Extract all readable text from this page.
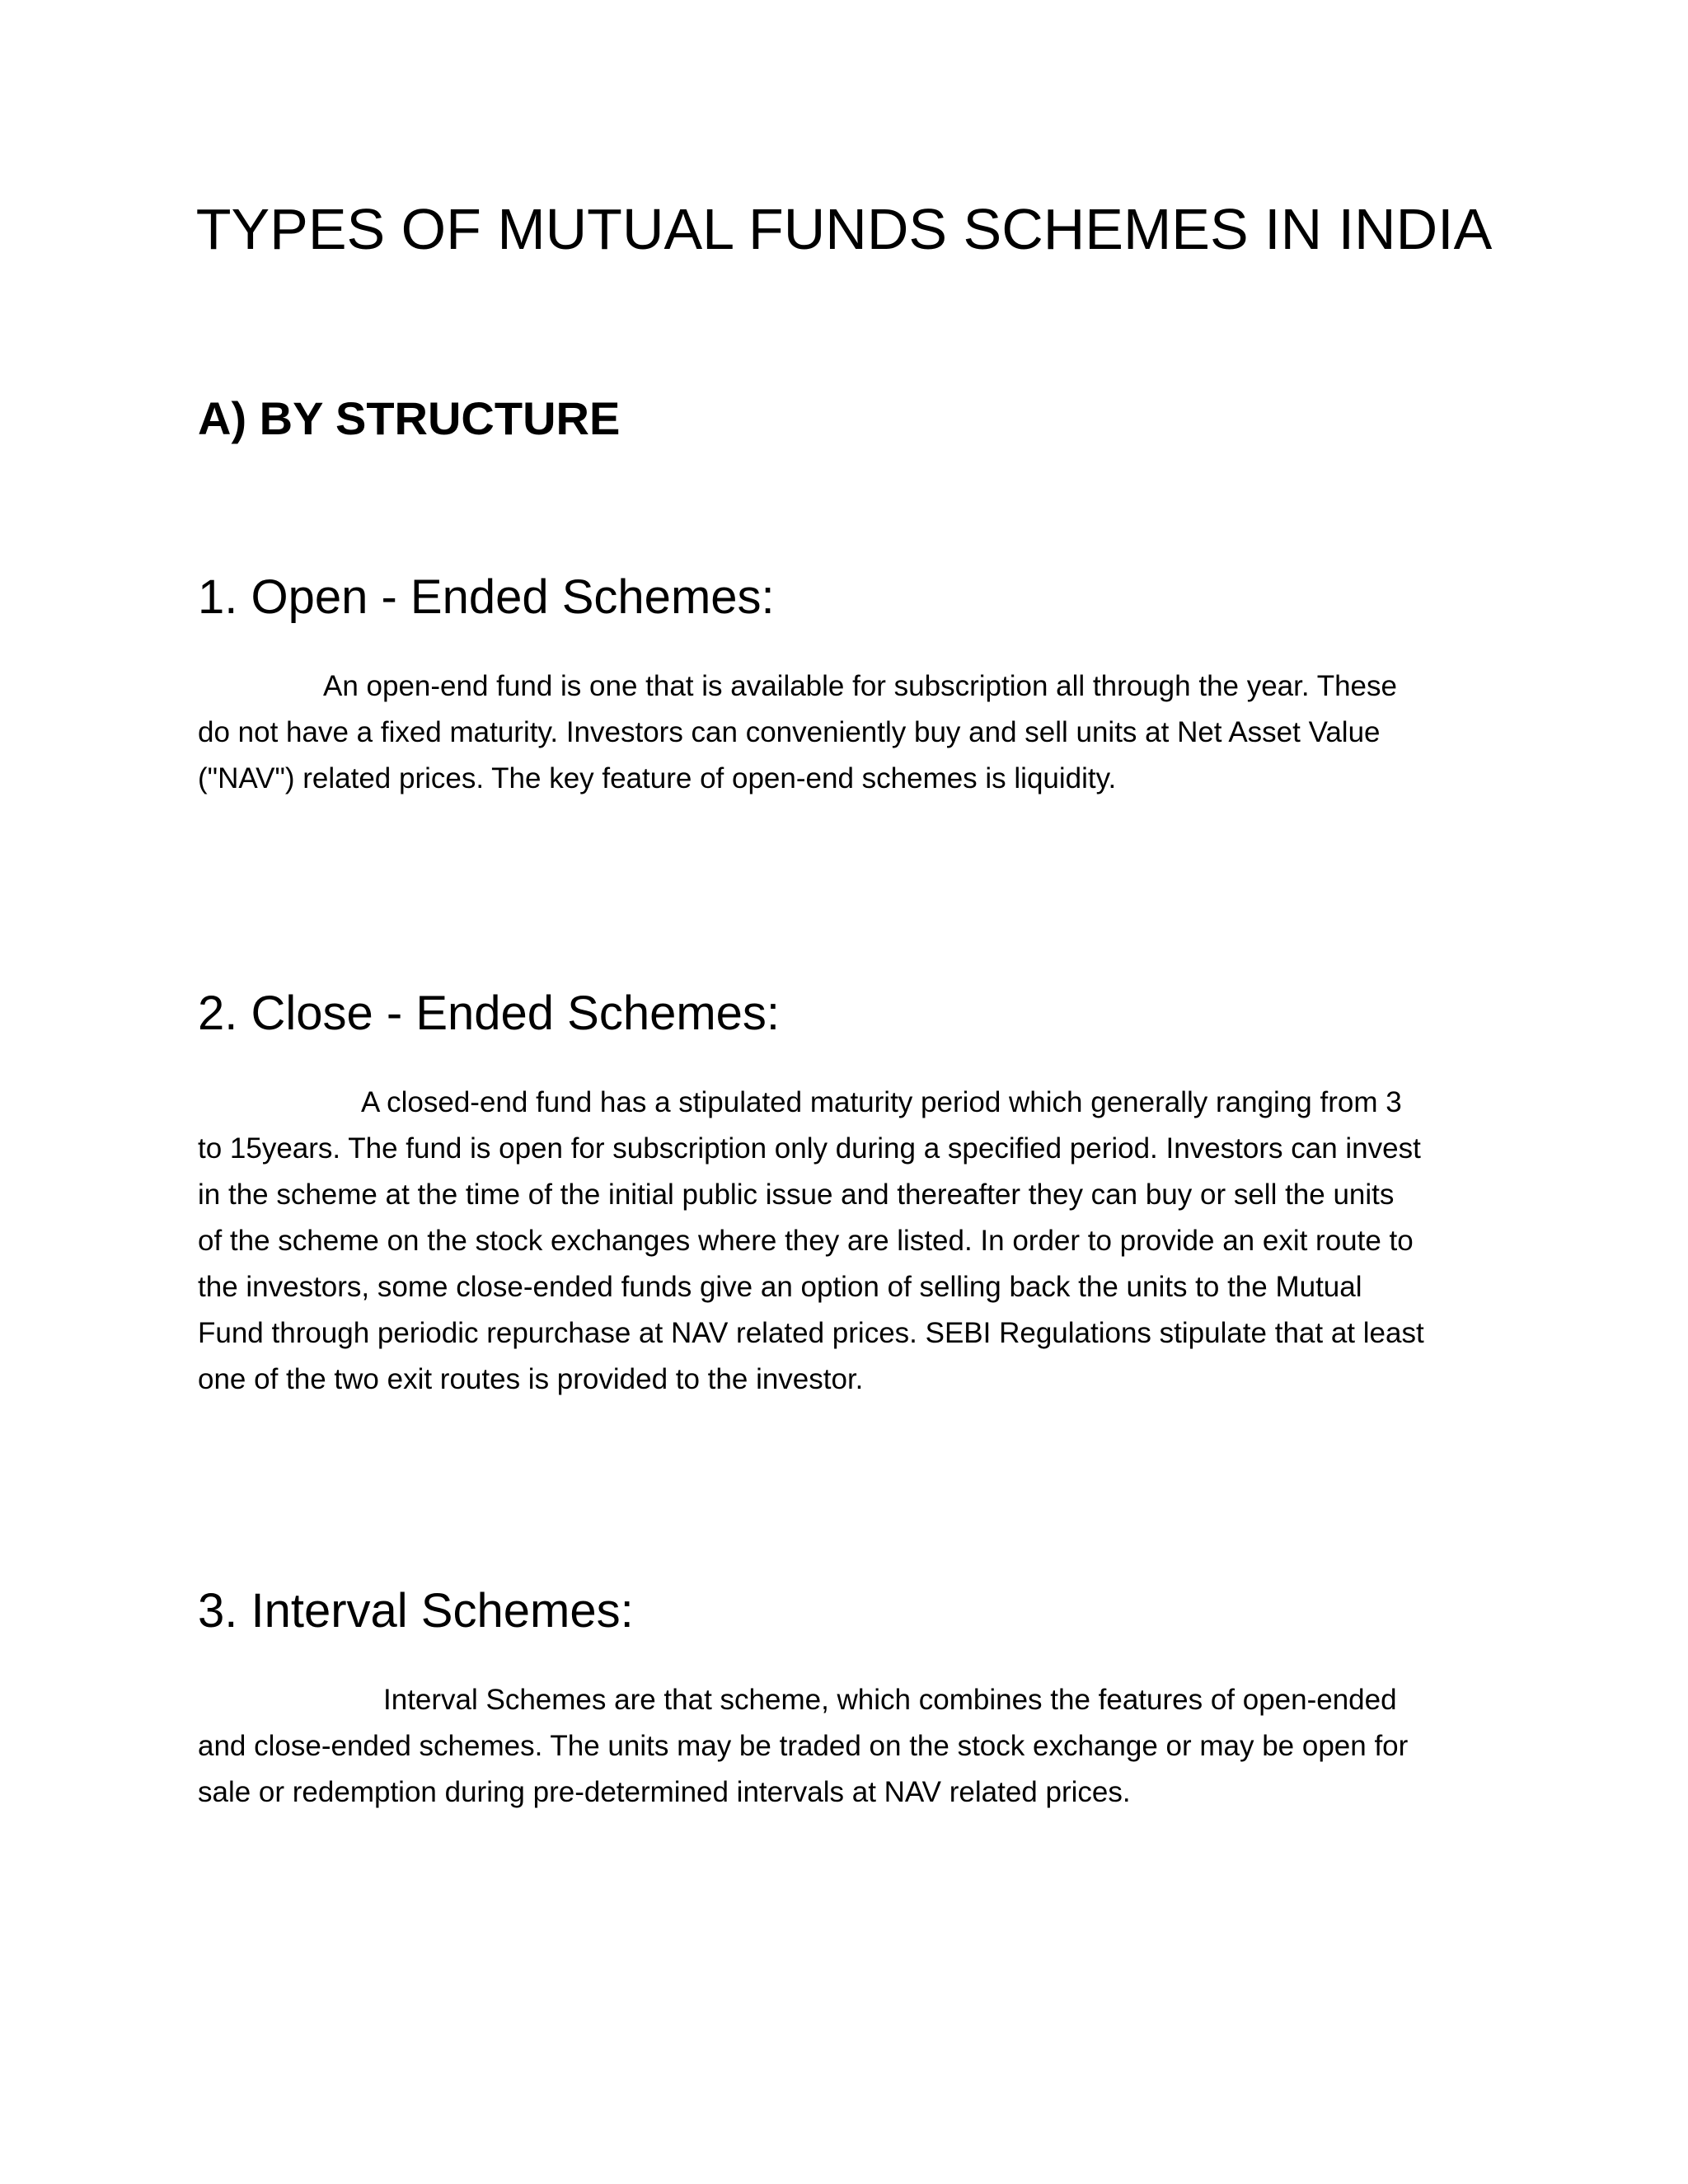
TYPES OF MUTUAL FUNDS SCHEMES IN INDIA
A) BY STRUCTURE
1. Open - Ended Schemes:
An open-end fund is one that is available for subscription all through the year. These
do not have a fixed maturity. Investors can conveniently buy and sell units at Net Asset Value
("NAV") related prices. The key feature of open-end schemes is liquidity.
2. Close - Ended Schemes:
A closed-end fund has a stipulated maturity period which generally ranging from 3
to 15years. The fund is open for subscription only during a specified period. Investors can invest
in the scheme at the time of the initial public issue and thereafter they can buy or sell the units
of the scheme on the stock exchanges where they are listed. In order to provide an exit route to
the investors, some close-ended funds give an option of selling back the units to the Mutual
Fund through periodic repurchase at NAV related prices. SEBI Regulations stipulate that at least
one of the two exit routes is provided to the investor.
3. Interval Schemes:
Interval Schemes are that scheme, which combines the features of open-ended
and close-ended schemes. The units may be traded on the stock exchange or may be open for
sale or redemption during pre-determined intervals at NAV related prices.
